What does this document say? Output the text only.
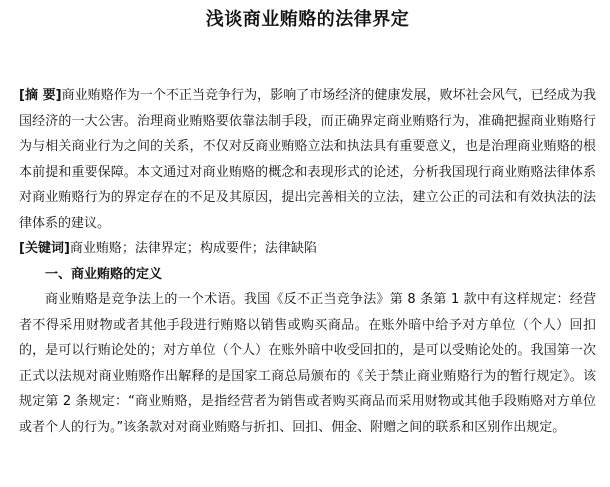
浅谈商业贿赂的法律界定

[摘 要]商业贿赂作为一个不正当竞争行为，影响了市场经济的健康发展，败坏社会风气，已经成为我国经济的一大公害。治理商业贿赂要依靠法制手段，而正确界定商业贿赂行为，准确把握商业贿赂行为与相关商业行为之间的关系，不仅对反商业贿赂立法和执法具有重要意义，也是治理商业贿赂的根本前提和重要保障。本文通过对商业贿赂的概念和表现形式的论述，分析我国现行商业贿赂法律体系对商业贿赂行为的界定存在的不足及其原因，提出完善相关的立法，建立公正的司法和有效执法的法律体系的建议。

[关键词]商业贿赂；法律界定；构成要件；法律缺陷

一、商业贿赂的定义

商业贿赂是竞争法上的一个术语。我国《反不正当竞争法》第 8 条第 1 款中有这样规定：经营者不得采用财物或者其他手段进行贿赂以销售或购买商品。在账外暗中给予对方单位（个人）回扣的，是可以行贿论处的；对方单位（个人）在账外暗中收受回扣的，是可以受贿论处的。我国第一次正式以法规对商业贿赂作出解释的是国家工商总局颁布的《关于禁止商业贿赂行为的暂行规定》。该规定第 2 条规定：“商业贿赂，是指经营者为销售或者购买商品而采用财物或其他手段贿赂对方单位或者个人的行为。”该条款对对商业贿赂与折扣、回扣、佣金、附赠之间的联系和区别作出规定。
